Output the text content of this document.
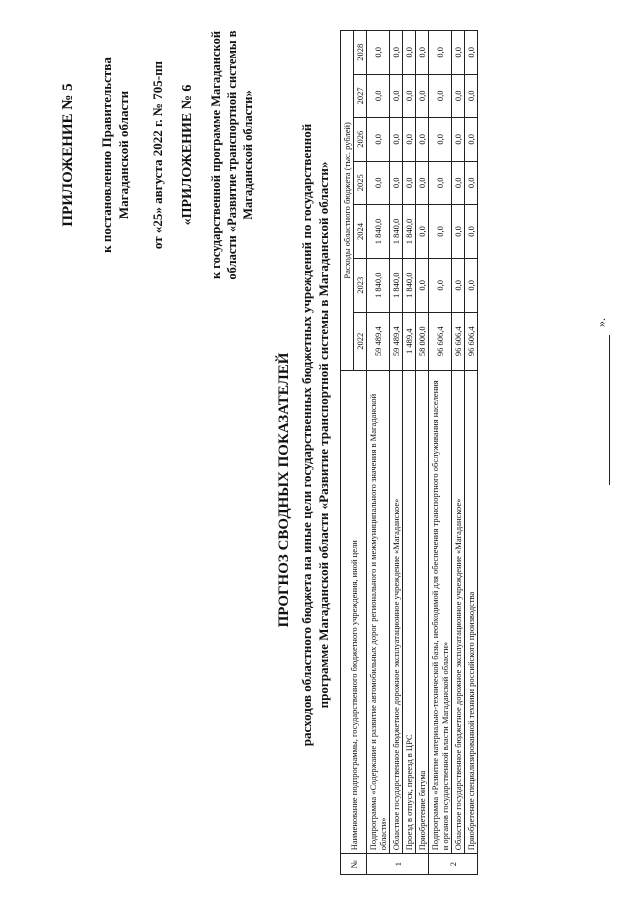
ПРИЛОЖЕНИЕ № 5 к постановлению Правительства Магаданской области от «25» августа 2022 г. № 705-пп «ПРИЛОЖЕНИЕ № 6 к государственной программе Магаданской области «Развитие транспортной системы в Магаданской области»
ПРОГНОЗ СВОДНЫХ ПОКАЗАТЕЛЕЙ расходов областного бюджета на иные цели государственных бюджетных учреждений по государственной программе Магаданской области «Развитие транспортной системы в Магаданской области»
№	Наименование подпрограммы, государственного бюджетного учреждения, иной цели	Расходы областного бюджета (тыс. рублей)						
		2022	2023	2024	2025	2026	2027	2028
1	Подпрограмма «Содержание и развитие автомобильных дорог регионального и межмуниципального значения в Магаданской области»	59 489,4	1 840,0	1 840,0	0,0	0,0	0,0	0,0
	Областное государственное бюджетное дорожное эксплуатационное учреждение «Магаданское»	59 489,4	1 840,0	1 840,0	0,0	0,0	0,0	0,0
	Проезд в отпуск, переезд в ЦРС	1 489,4	1 840,0	1 840,0	0,0	0,0	0,0	0,0
	Приобретение битума	58 000,0	0,0	0,0	0,0	0,0	0,0	0,0
2	Подпрограмма «Развитие материально-технической базы, необходимой для обеспечения транспортного обслуживания населения и органов государственной власти Магаданской области»	96 606,4	0,0	0,0	0,0	0,0	0,0	0,0
	Областное государственное бюджетное дорожное эксплуатационное учреждение «Магаданское»	96 606,4	0,0	0,0	0,0	0,0	0,0	0,0
	Приобретение специализированной техники российского производства	96 606,4	0,0	0,0	0,0	0,0	0,0	0,0
».
